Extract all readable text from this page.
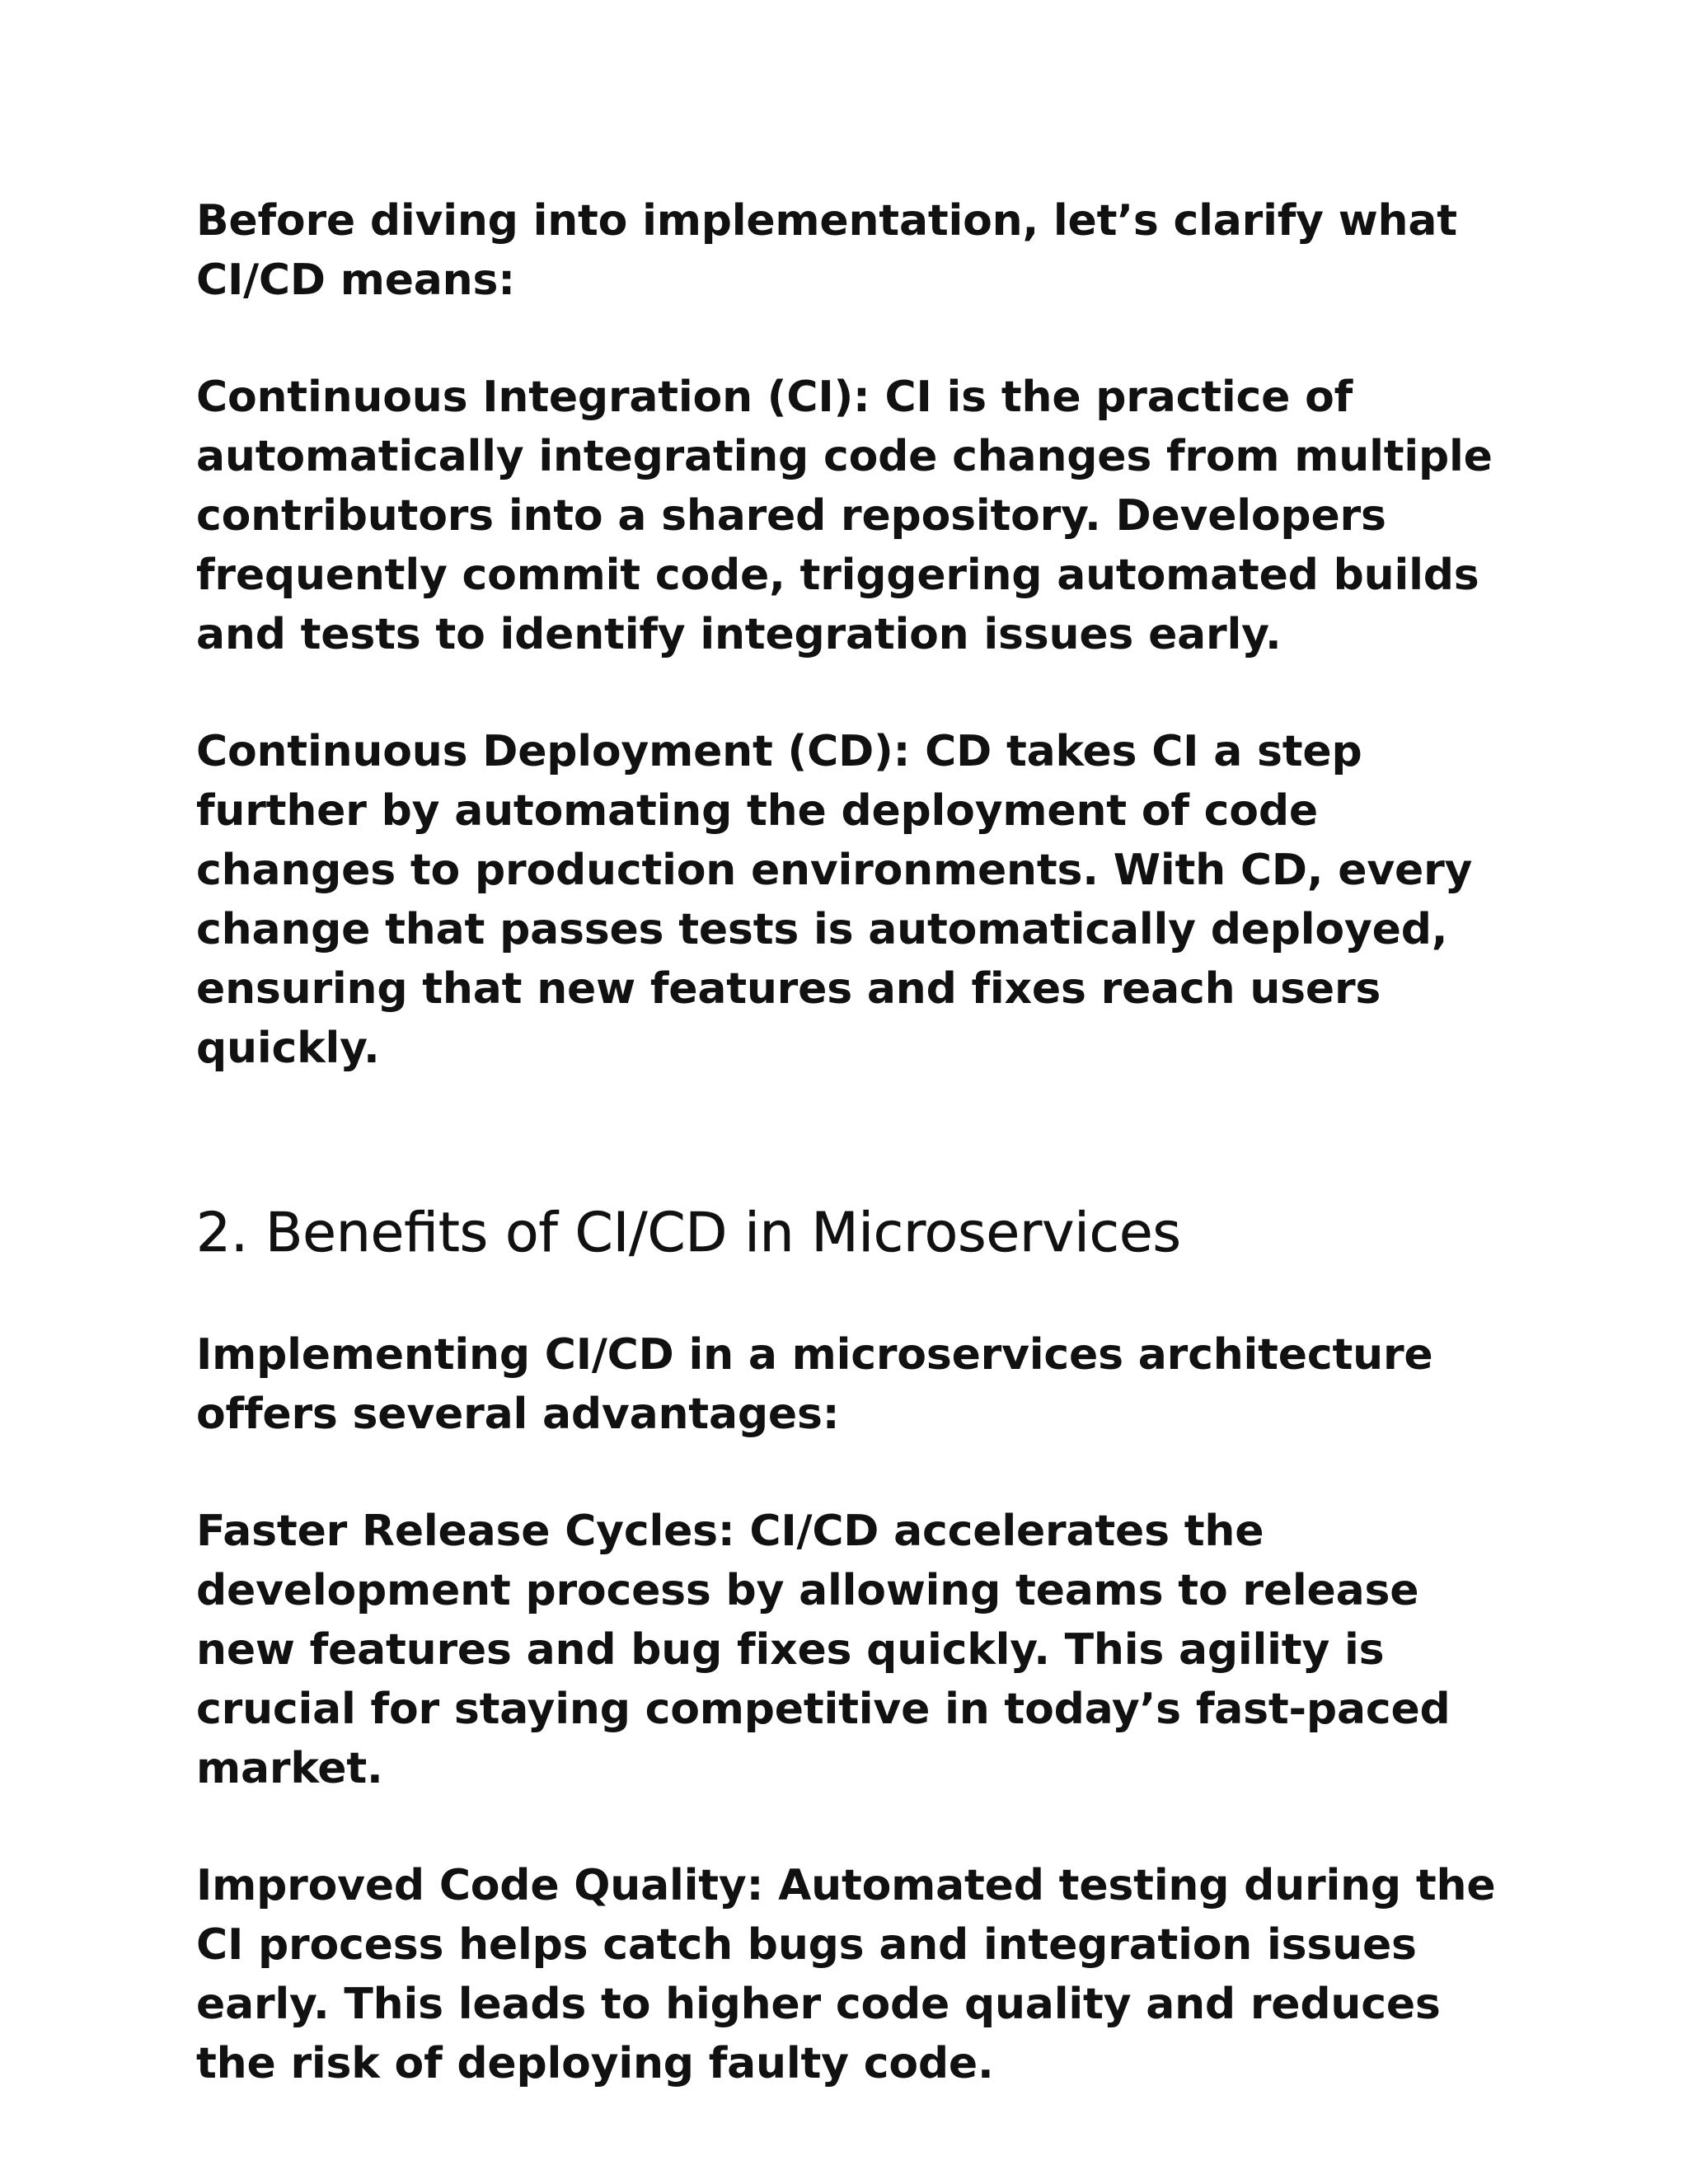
Before diving into implementation, let’s clarify what CI/CD means:

Continuous Integration (CI): CI is the practice of automatically integrating code changes from multiple contributors into a shared repository. Developers frequently commit code, triggering automated builds and tests to identify integration issues early.

Continuous Deployment (CD): CD takes CI a step further by automating the deployment of code changes to production environments. With CD, every change that passes tests is automatically deployed, ensuring that new features and fixes reach users quickly.

2. Benefits of CI/CD in Microservices

Implementing CI/CD in a microservices architecture offers several advantages:

Faster Release Cycles: CI/CD accelerates the development process by allowing teams to release new features and bug fixes quickly. This agility is crucial for staying competitive in today’s fast-paced market.

Improved Code Quality: Automated testing during the CI process helps catch bugs and integration issues early. This leads to higher code quality and reduces the risk of deploying faulty code.
